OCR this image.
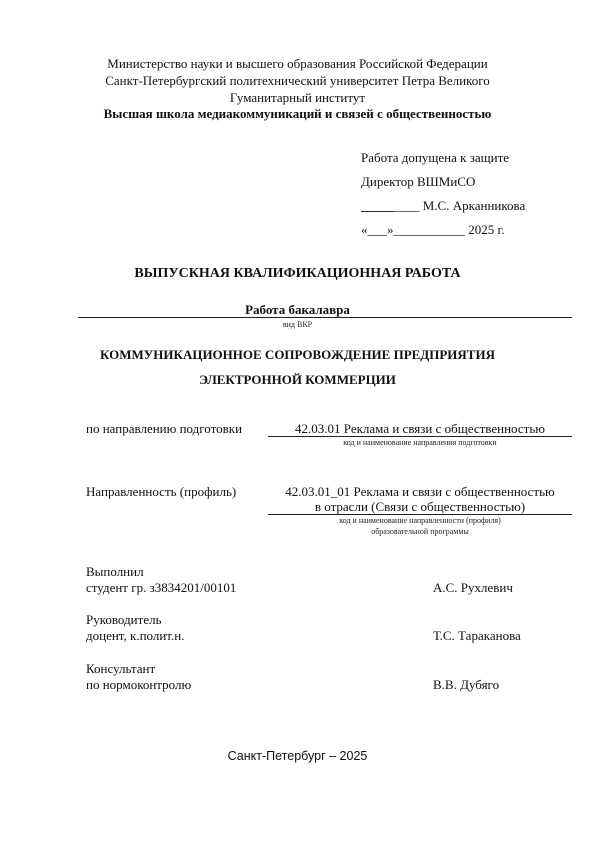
Министерство науки и высшего образования Российской Федерации
Санкт-Петербургский политехнический университет Петра Великого
Гуманитарный институт
Высшая школа медиакоммуникаций и связей с общественностью
Работа допущена к защите
Директор ВШМиСО
_________ М.С. Арканникова
«___»___________ 2025 г.
ВЫПУСКНАЯ КВАЛИФИКАЦИОННАЯ РАБОТА
Работа бакалавра
вид ВКР
КОММУНИКАЦИОННОЕ СОПРОВОЖДЕНИЕ ПРЕДПРИЯТИЯ
ЭЛЕКТРОННОЙ КОММЕРЦИИ
по направлению подготовки	42.03.01 Реклама и связи с общественностью
код и наименование направления подготовки
Направленность (профиль)	42.03.01_01 Реклама и связи с общественностью
в отрасли (Связи с общественностью)
код и наименование направленности (профиля)
образовательной программы
Выполнил
студент гр. з3834201/00101	А.С. Рухлевич
Руководитель
доцент, к.полит.н.	Т.С. Тараканова
Консультант
по нормоконтролю	В.В. Дубяго
Санкт-Петербург – 2025
